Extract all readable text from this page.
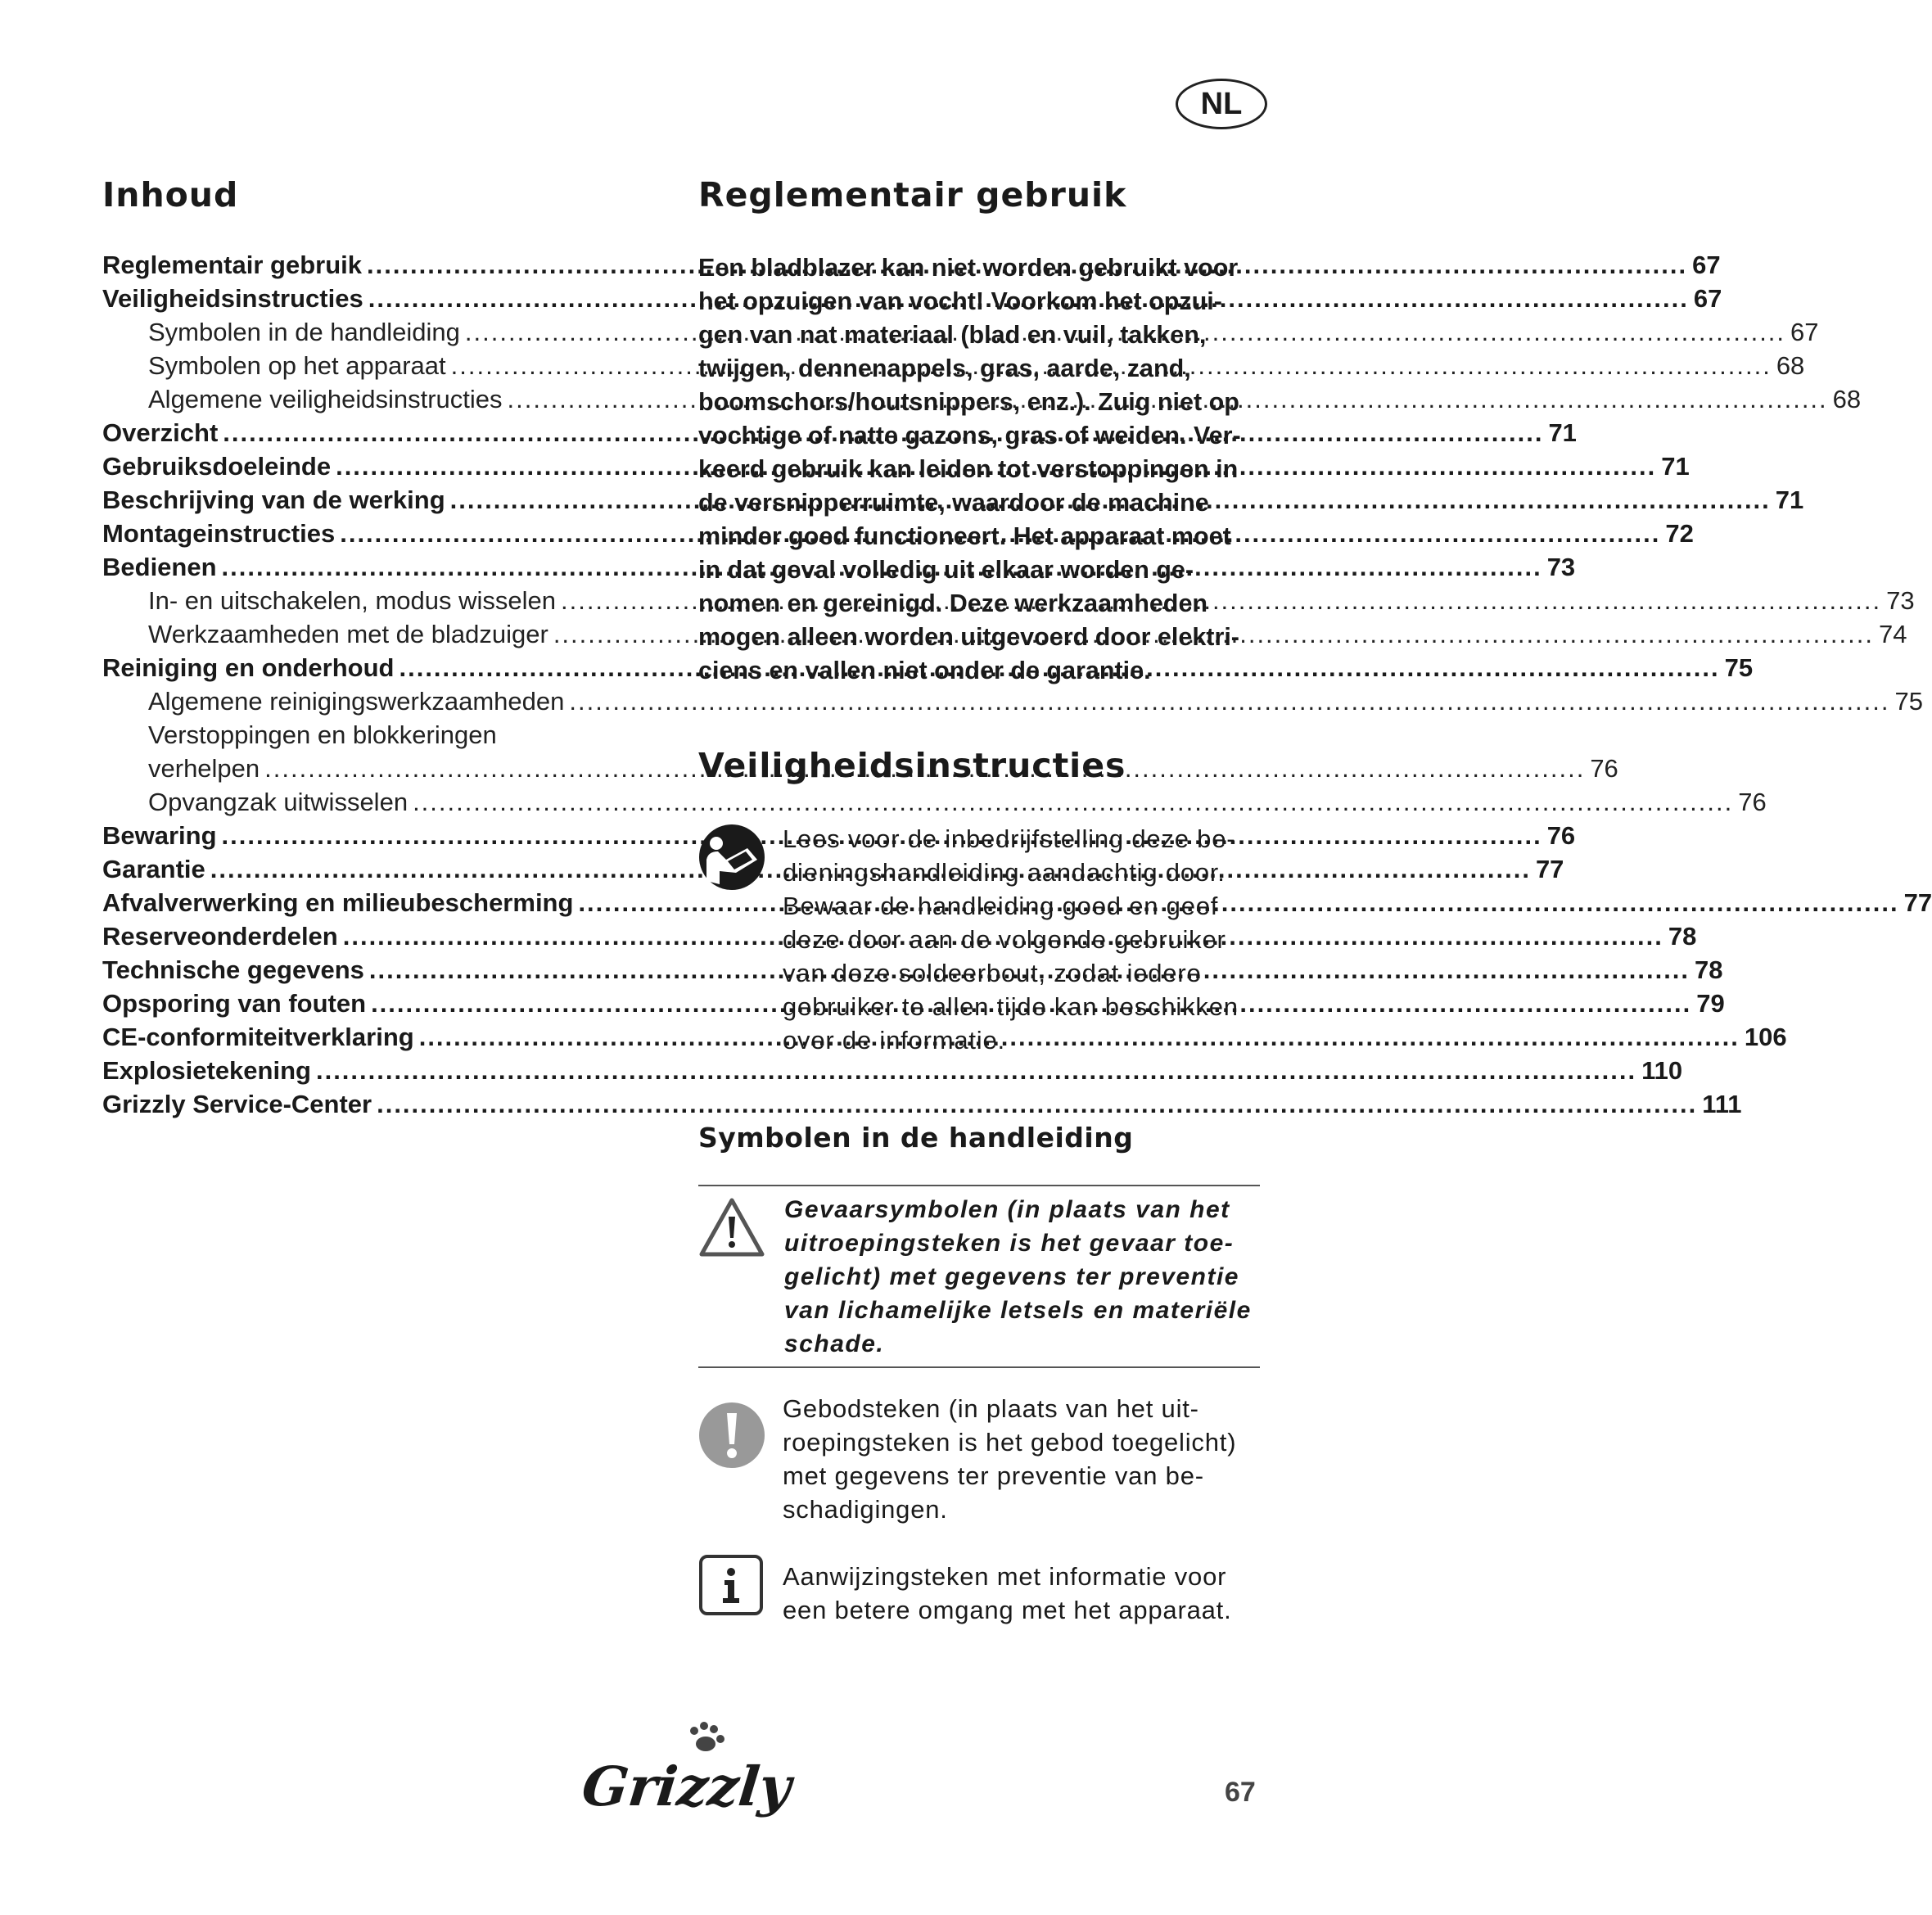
NL
Inhoud
Reglementair gebruik .....	67
Veiligheidsinstructies .....	67
Symbolen in de handleiding .....	67
Symbolen op het apparaat .....	68
Algemene veiligheidsinstructies .....	68
Overzicht .....	71
Gebruiksdoeleinde .....	71
Beschrijving van de werking .....	71
Montageinstructies .....	72
Bedienen .....	73
In- en uitschakelen, modus wisselen .....	73
Werkzaamheden met de bladzuiger .....	74
Reiniging en onderhoud .....	75
Algemene reinigingswerkzaamheden .....	75
Verstoppingen en blokkeringen
verhelpen .....	76
Opvangzak uitwisselen .....	76
Bewaring .....	76
Garantie .....	77
Afvalverwerking en milieubescherming .....	77
Reserveonderdelen .....	78
Technische gegevens .....	78
Opsporing van fouten .....	79
CE-conformiteitverklaring .....	106
Explosietekening .....	110
Grizzly Service-Center .....	111
Reglementair gebruik
Een bladblazer kan niet worden gebruikt voor
het opzuigen van vocht! Voorkom het opzui-
gen van nat materiaal (blad en vuil, takken,
twijgen, dennenappels, gras, aarde, zand,
boomschors/houtsnippers, enz.). Zuig niet op
vochtige of natte gazons, gras of weiden. Ver-
keerd gebruik kan leiden tot verstoppingen in
de versnipperruimte, waardoor de machine
minder goed functioneert. Het apparaat moet
in dat geval volledig uit elkaar worden ge-
nomen en gereinigd. Deze werkzaamheden
mogen alleen worden uitgevoerd door elektri-
ciens en vallen niet onder de garantie.
Veiligheidsinstructies
Lees voor de inbedrijfstelling deze be-
dieningshandleiding aandachtig door.
Bewaar de handleiding goed en geef
deze door aan de volgende gebruiker
van deze soldeerbout, zodat iedere
gebruiker te allen tijde kan beschikken
over de informatie.
Symbolen in de handleiding
Gevaarsymbolen (in plaats van het
uitroepingsteken is het gevaar toe-
gelicht) met gegevens ter preventie
van lichamelijke letsels en materiële
schade.
Gebodsteken (in plaats van het uit-
roepingsteken is het gebod toegelicht)
met gegevens ter preventie van be-
schadigingen.
Aanwijzingsteken met informatie voor
een betere omgang met het apparaat.
Grizzly	67
